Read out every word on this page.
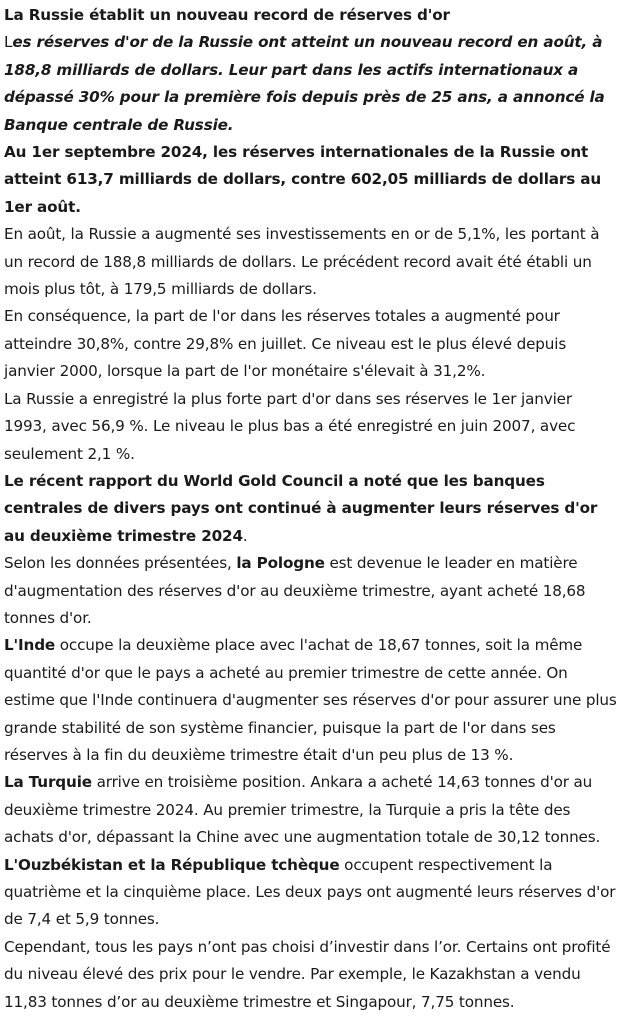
La Russie établit un nouveau record de réserves d'or

Les réserves d'or de la Russie ont atteint un nouveau record en août, à 188,8 milliards de dollars. Leur part dans les actifs internationaux a dépassé 30% pour la première fois depuis près de 25 ans, a annoncé la Banque centrale de Russie.

Au 1er septembre 2024, les réserves internationales de la Russie ont atteint 613,7 milliards de dollars, contre 602,05 milliards de dollars au 1er août.

En août, la Russie a augmenté ses investissements en or de 5,1%, les portant à un record de 188,8 milliards de dollars. Le précédent record avait été établi un mois plus tôt, à 179,5 milliards de dollars.

En conséquence, la part de l'or dans les réserves totales a augmenté pour atteindre 30,8%, contre 29,8% en juillet. Ce niveau est le plus élevé depuis janvier 2000, lorsque la part de l'or monétaire s'élevait à 31,2%.

La Russie a enregistré la plus forte part d'or dans ses réserves le 1er janvier 1993, avec 56,9 %. Le niveau le plus bas a été enregistré en juin 2007, avec seulement 2,1 %.

Le récent rapport du World Gold Council a noté que les banques centrales de divers pays ont continué à augmenter leurs réserves d'or au deuxième trimestre 2024.

Selon les données présentées, la Pologne est devenue le leader en matière d'augmentation des réserves d'or au deuxième trimestre, ayant acheté 18,68 tonnes d'or.

L'Inde occupe la deuxième place avec l'achat de 18,67 tonnes, soit la même quantité d'or que le pays a acheté au premier trimestre de cette année. On estime que l'Inde continuera d'augmenter ses réserves d'or pour assurer une plus grande stabilité de son système financier, puisque la part de l'or dans ses réserves à la fin du deuxième trimestre était d'un peu plus de 13 %.

La Turquie arrive en troisième position. Ankara a acheté 14,63 tonnes d'or au deuxième trimestre 2024. Au premier trimestre, la Turquie a pris la tête des achats d'or, dépassant la Chine avec une augmentation totale de 30,12 tonnes.

L'Ouzbékistan et la République tchèque occupent respectivement la quatrième et la cinquième place. Les deux pays ont augmenté leurs réserves d'or de 7,4 et 5,9 tonnes.

Cependant, tous les pays n’ont pas choisi d’investir dans l’or. Certains ont profité du niveau élevé des prix pour le vendre. Par exemple, le Kazakhstan a vendu 11,83 tonnes d’or au deuxième trimestre et Singapour, 7,75 tonnes.
